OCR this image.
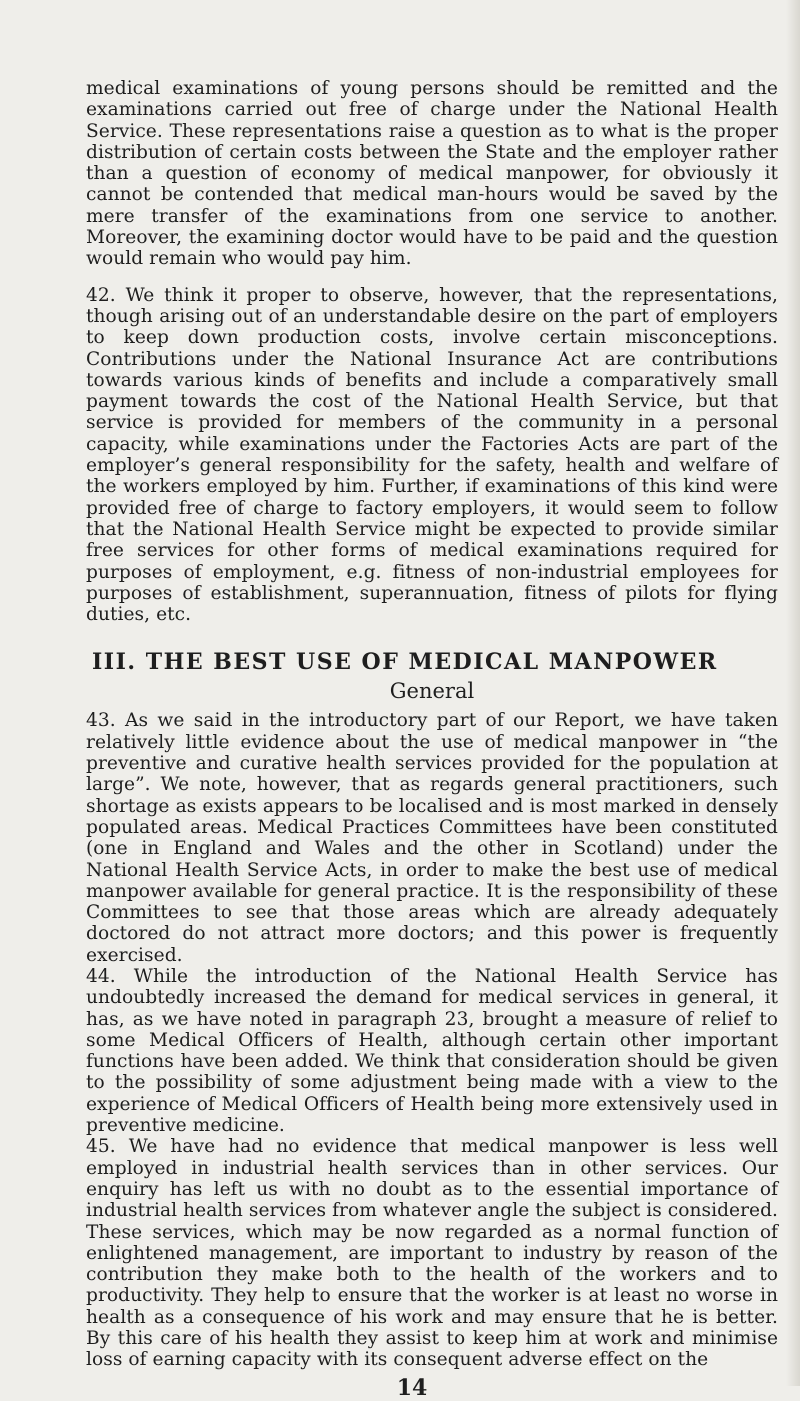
medical examinations of young persons should be remitted and the examinations carried out free of charge under the National Health Service. These representations raise a question as to what is the proper distribution of certain costs between the State and the employer rather than a question of economy of medical manpower, for obviously it cannot be contended that medical man-hours would be saved by the mere transfer of the examinations from one service to another. Moreover, the examining doctor would have to be paid and the question would remain who would pay him.

42. We think it proper to observe, however, that the representations, though arising out of an understandable desire on the part of employers to keep down production costs, involve certain misconceptions. Contributions under the National Insurance Act are contributions towards various kinds of benefits and include a comparatively small payment towards the cost of the National Health Service, but that service is provided for members of the community in a personal capacity, while examinations under the Factories Acts are part of the employer’s general responsibility for the safety, health and welfare of the workers employed by him. Further, if examinations of this kind were provided free of charge to factory employers, it would seem to follow that the National Health Service might be expected to provide similar free services for other forms of medical examinations required for purposes of employment, e.g. fitness of non-industrial employees for purposes of establishment, superannuation, fitness of pilots for flying duties, etc.

III. THE BEST USE OF MEDICAL MANPOWER
General

43. As we said in the introductory part of our Report, we have taken relatively little evidence about the use of medical manpower in “the preventive and curative health services provided for the population at large”. We note, however, that as regards general practitioners, such shortage as exists appears to be localised and is most marked in densely populated areas. Medical Practices Committees have been constituted (one in England and Wales and the other in Scotland) under the National Health Service Acts, in order to make the best use of medical manpower available for general practice. It is the responsibility of these Committees to see that those areas which are already adequately doctored do not attract more doctors; and this power is frequently exercised.

44. While the introduction of the National Health Service has undoubtedly increased the demand for medical services in general, it has, as we have noted in paragraph 23, brought a measure of relief to some Medical Officers of Health, although certain other important functions have been added. We think that consideration should be given to the possibility of some adjustment being made with a view to the experience of Medical Officers of Health being more extensively used in preventive medicine.

45. We have had no evidence that medical manpower is less well employed in industrial health services than in other services. Our enquiry has left us with no doubt as to the essential importance of industrial health services from whatever angle the subject is considered. These services, which may be now regarded as a normal function of enlightened management, are important to industry by reason of the contribution they make both to the health of the workers and to productivity. They help to ensure that the worker is at least no worse in health as a consequence of his work and may ensure that he is better. By this care of his health they assist to keep him at work and minimise loss of earning capacity with its consequent adverse effect on the

14
